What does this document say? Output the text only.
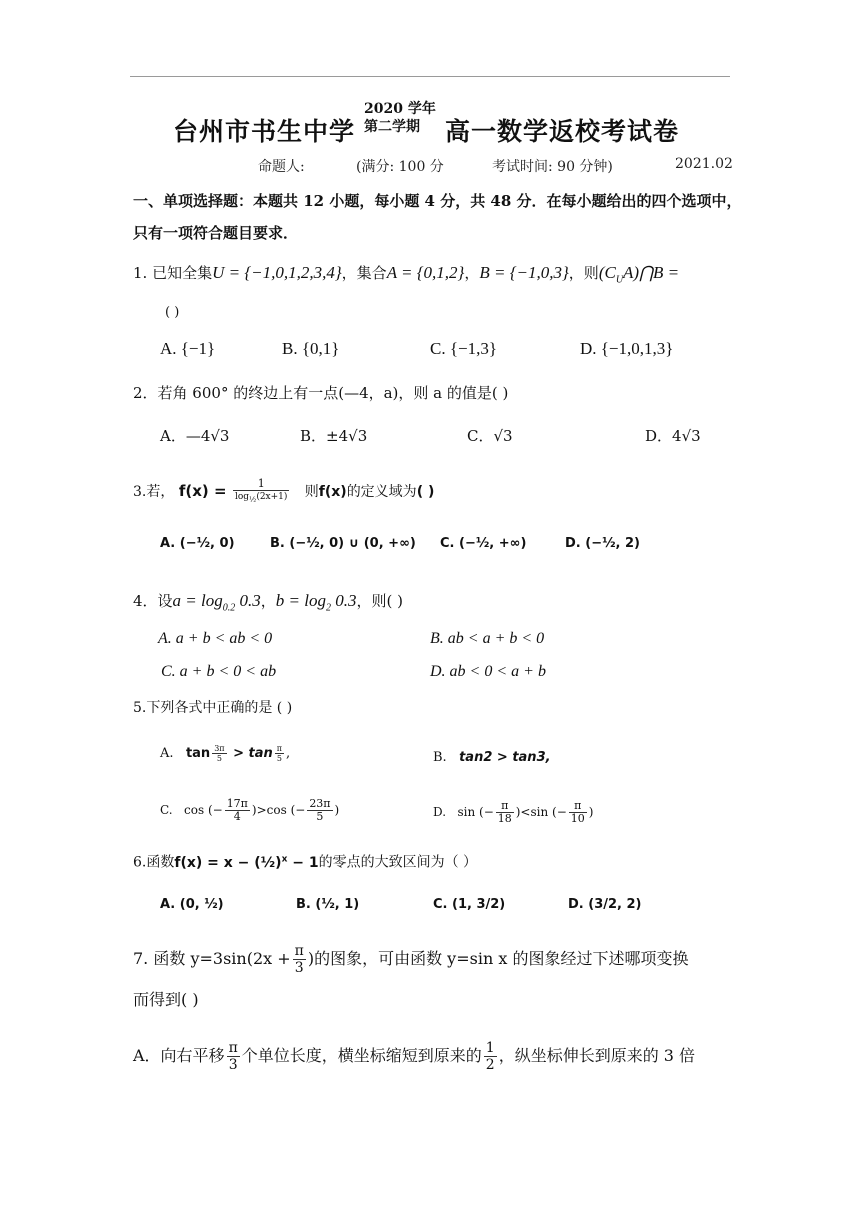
台州市书生中学
2020 学年
第二学期	高一数学返校考试卷
命题人:	(满分: 100 分	考试时间: 90 分钟)	2021.02
一、单项选择题：本题共 12 小题，每小题 4 分，共 48 分．在每小题给出的四个选项中，
只有一项符合题目要求．
1. 已知全集U = {−1,0,1,2,3,4}，集合A = {0,1,2}，B = {−1,0,3}，则$(C_UA)⋂B$ =
( )
A. {−1}	B. {0,1}	C. {−1,3}	D. {−1,0,1,3}
2．若角 600° 的终边上有一点(—4，a)，则 a 的值是( )
A．—4√3	B．±4√3	C．√3	D．4√3
3.若， $f(x) = \frac{1}{\log_{\frac{1}{2}}(2x+1)}$ 则f(x)的定义域为( )
A. (−½, 0)	B. (−½, 0) ∪ (0, +∞) C. (−½, +∞)	D. (−½, 2)
4．设$a = \log_{0.2} 0.3$，$b = \log_2 0.3$，则( )
A. a + b < ab < 0	B. ab < a + b < 0
C. a + b < 0 < ab	D. ab < 0 < a + b
5.下列各式中正确的是 ( )
A. $\tan \frac{3\pi}{5} > \tan \frac{\pi}{5}$ ,	B. tan2 > tan3,
C. cos (− $\frac{17\pi}{4} )>\cos$ (− $\frac{23\pi}{5}$ )	D. sin (− $\frac{\pi}{18} )<\sin$ (− $\frac{\pi}{10}$ )
6.函数f(x) = x − (½)$^x$ − 1的零点的大致区间为（ ）
A. (0, ½)	B. (½, 1)	C. (1, 3/2)	D. (3/2, 2)
7. 函数 $y=3\sin(2x + \frac{\pi}{3}$ )的图象，可由函数 y=sin x 的图象经过下述哪项变换
而得到( )
A．向右平移 $\frac{\pi}{3}$ 个单位长度，横坐标缩短到原来的 $\frac{1}{2}$ ，纵坐标伸长到原来的 3 倍
